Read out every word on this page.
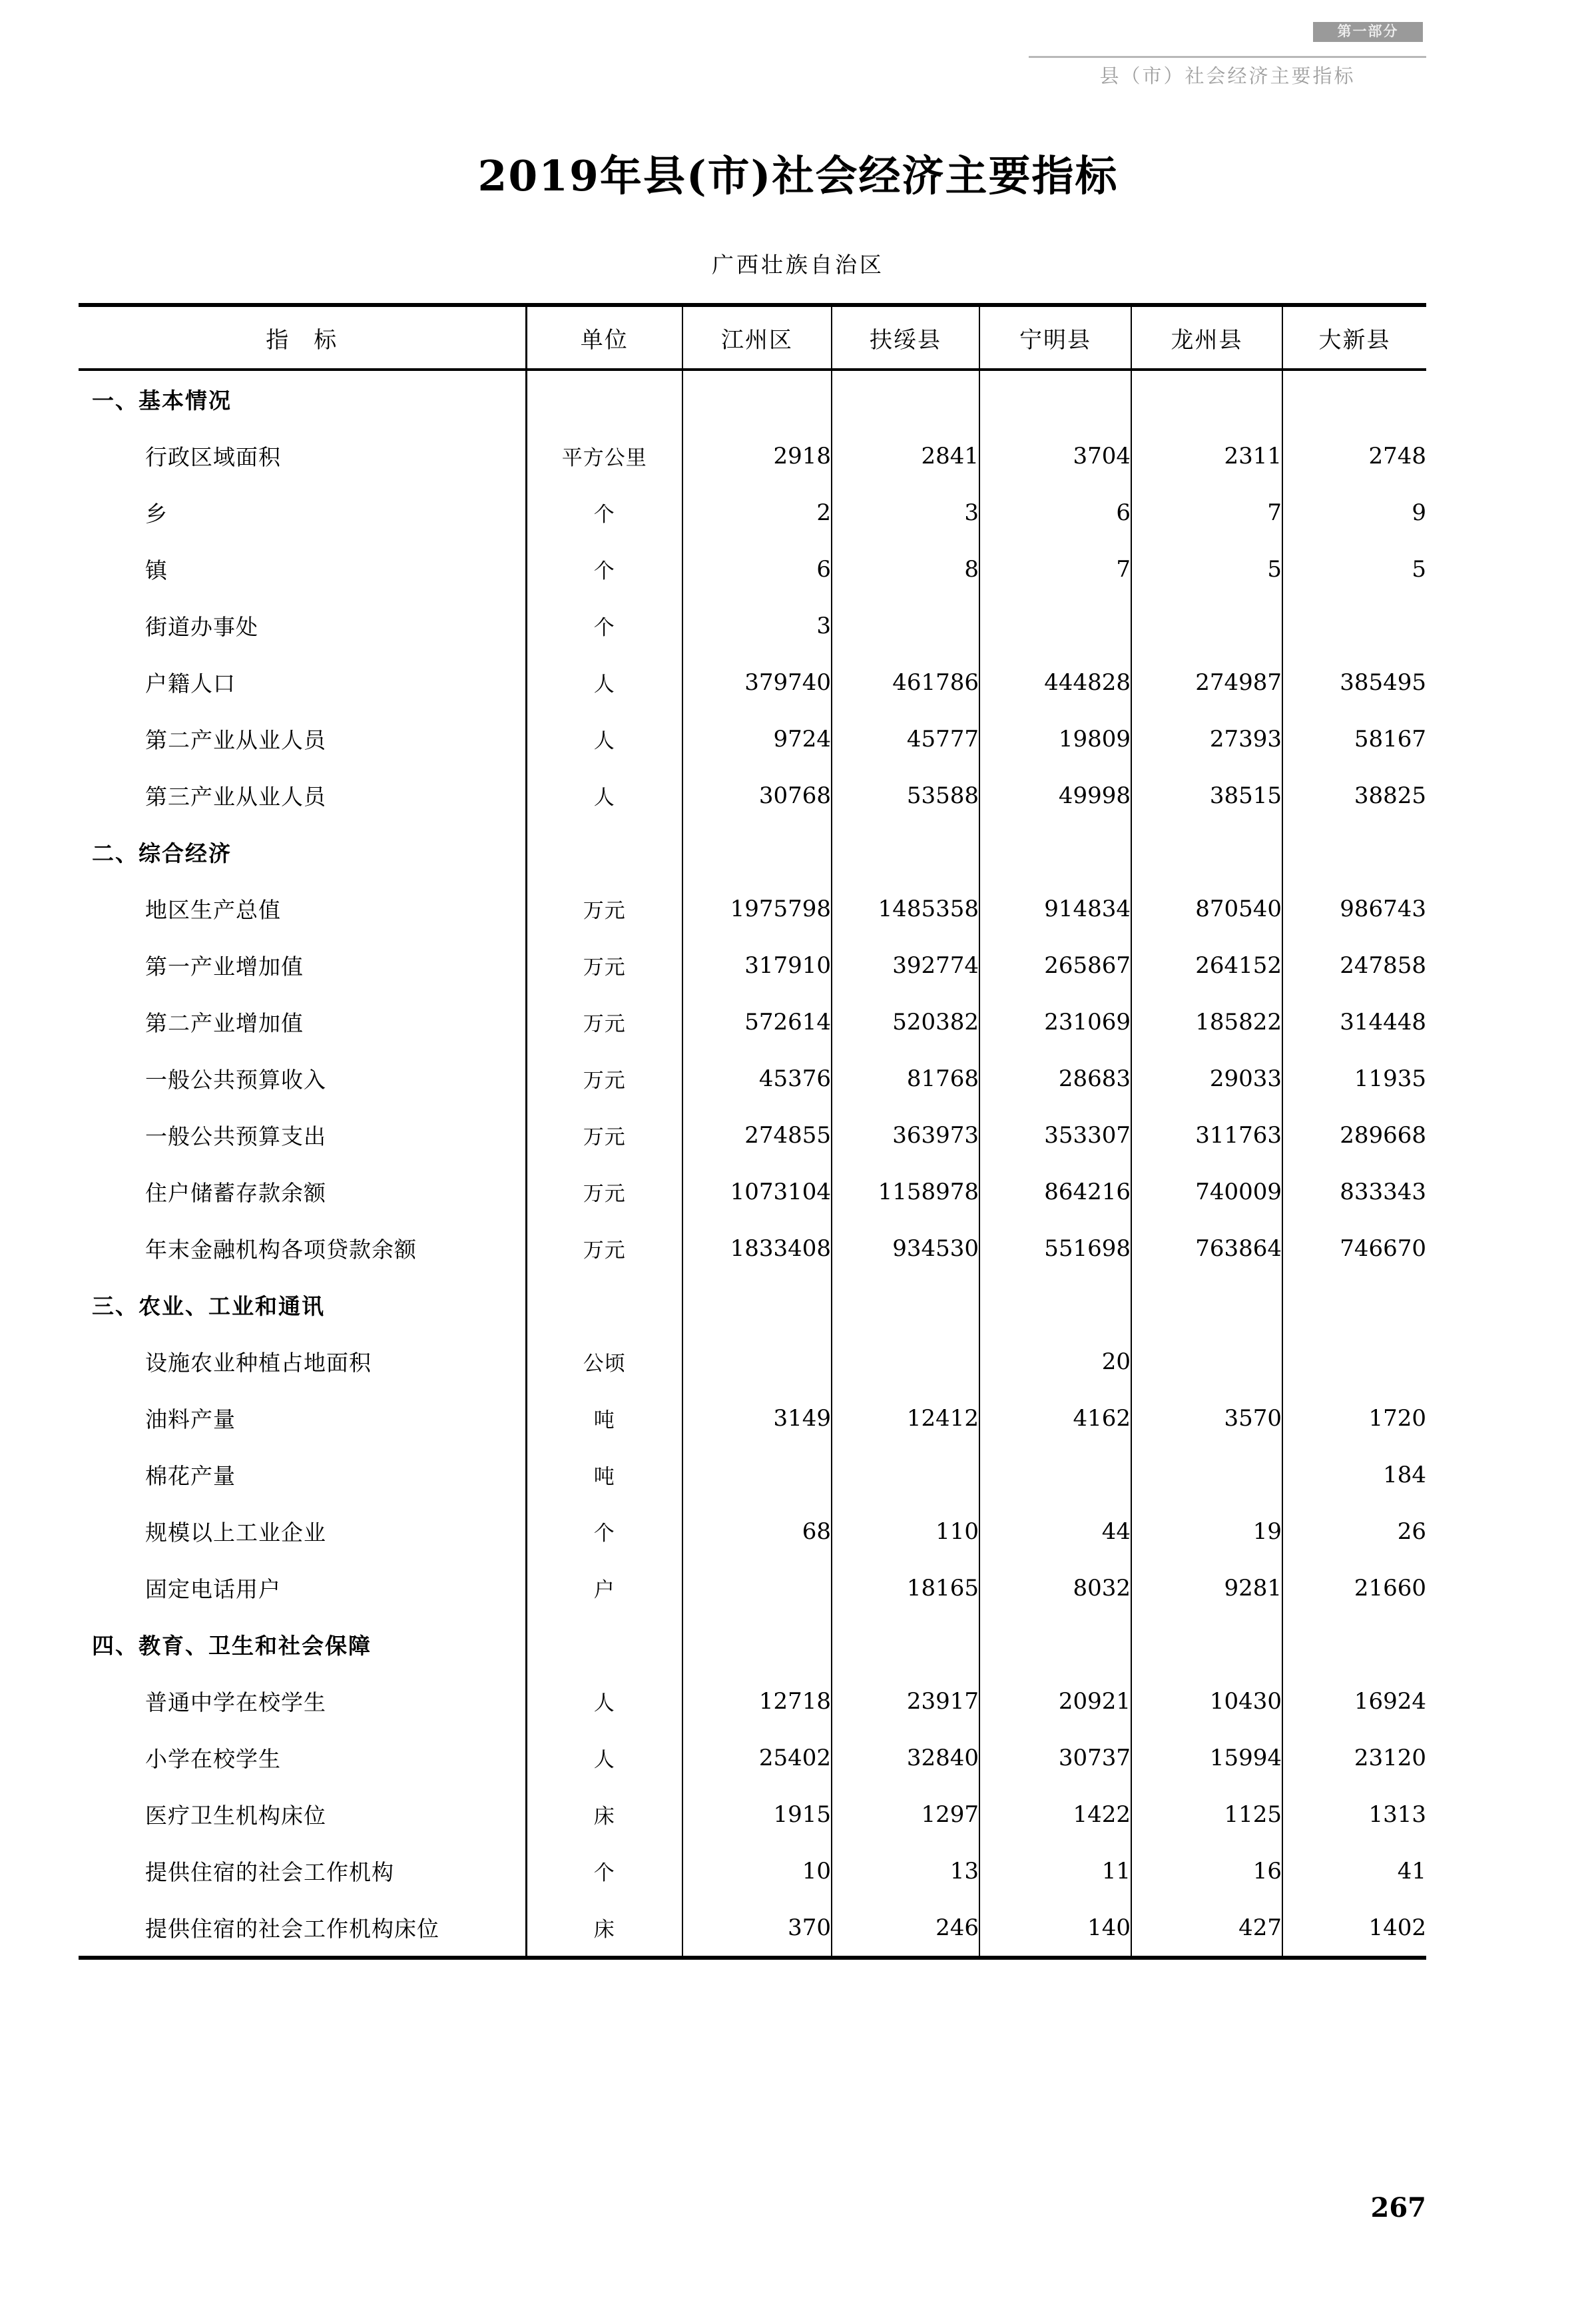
第一部分
县（市）社会经济主要指标
2019年县(市)社会经济主要指标
广西壮族自治区

指　标	单位	江州区	扶绥县	宁明县	龙州县	大新县

一、基本情况						
行政区域面积	平方公里	2918	2841	3704	2311	2748
乡	个	2	3	6	7	9
镇	个	6	8	7	5	5
街道办事处	个	3				
户籍人口	人	379740	461786	444828	274987	385495
第二产业从业人员	人	9724	45777	19809	27393	58167
第三产业从业人员	人	30768	53588	49998	38515	38825
二、综合经济						
地区生产总值	万元	1975798	1485358	914834	870540	986743
第一产业增加值	万元	317910	392774	265867	264152	247858
第二产业增加值	万元	572614	520382	231069	185822	314448
一般公共预算收入	万元	45376	81768	28683	29033	11935
一般公共预算支出	万元	274855	363973	353307	311763	289668
住户储蓄存款余额	万元	1073104	1158978	864216	740009	833343
年末金融机构各项贷款余额	万元	1833408	934530	551698	763864	746670
三、农业、工业和通讯						
设施农业种植占地面积	公顷			20		
油料产量	吨	3149	12412	4162	3570	1720
棉花产量	吨					184
规模以上工业企业	个	68	110	44	19	26
固定电话用户	户		18165	8032	9281	21660
四、教育、卫生和社会保障						
普通中学在校学生	人	12718	23917	20921	10430	16924
小学在校学生	人	25402	32840	30737	15994	23120
医疗卫生机构床位	床	1915	1297	1422	1125	1313
提供住宿的社会工作机构	个	10	13	11	16	41
提供住宿的社会工作机构床位	床	370	246	140	427	1402

267
